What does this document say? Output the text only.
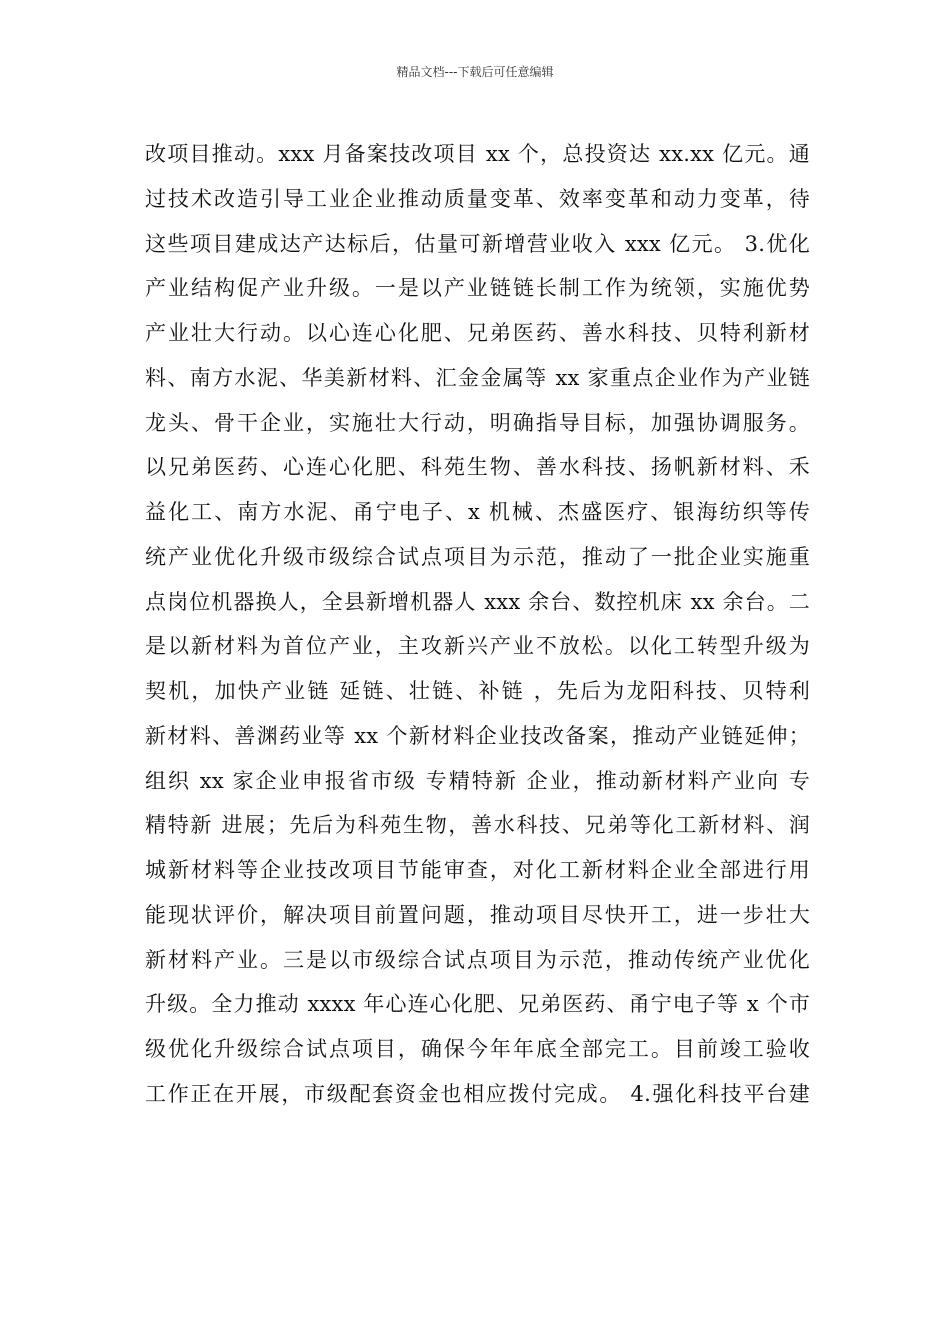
精品文档---下载后可任意编辑
改项目推动。xxx 月备案技改项目 xx 个，总投资达 xx.xx 亿元。通
过技术改造引导工业企业推动质量变革、效率变革和动力变革，待
这些项目建成达产达标后，估量可新增营业收入 xxx 亿元。 3.优化
产业结构促产业升级。一是以产业链链长制工作为统领，实施优势
产业壮大行动。以心连心化肥、兄弟医药、善水科技、贝特利新材
料、南方水泥、华美新材料、汇金金属等 xx 家重点企业作为产业链
龙头、骨干企业，实施壮大行动，明确指导目标，加强协调服务。
以兄弟医药、心连心化肥、科苑生物、善水科技、扬帆新材料、禾
益化工、南方水泥、甬宁电子、x 机械、杰盛医疗、银海纺织等传
统产业优化升级市级综合试点项目为示范，推动了一批企业实施重
点岗位机器换人，全县新增机器人 xxx 余台、数控机床 xx 余台。二
是以新材料为首位产业，主攻新兴产业不放松。以化工转型升级为
契机，加快产业链 延链、壮链、补链 ，先后为龙阳科技、贝特利
新材料、善渊药业等 xx 个新材料企业技改备案，推动产业链延伸；
组织 xx 家企业申报省市级 专精特新 企业，推动新材料产业向 专
精特新 进展；先后为科苑生物，善水科技、兄弟等化工新材料、润
城新材料等企业技改项目节能审查，对化工新材料企业全部进行用
能现状评价，解决项目前置问题，推动项目尽快开工，进一步壮大
新材料产业。三是以市级综合试点项目为示范，推动传统产业优化
升级。全力推动 xxxx 年心连心化肥、兄弟医药、甬宁电子等 x 个市
级优化升级综合试点项目，确保今年年底全部完工。目前竣工验收
工作正在开展，市级配套资金也相应拨付完成。 4.强化科技平台建
